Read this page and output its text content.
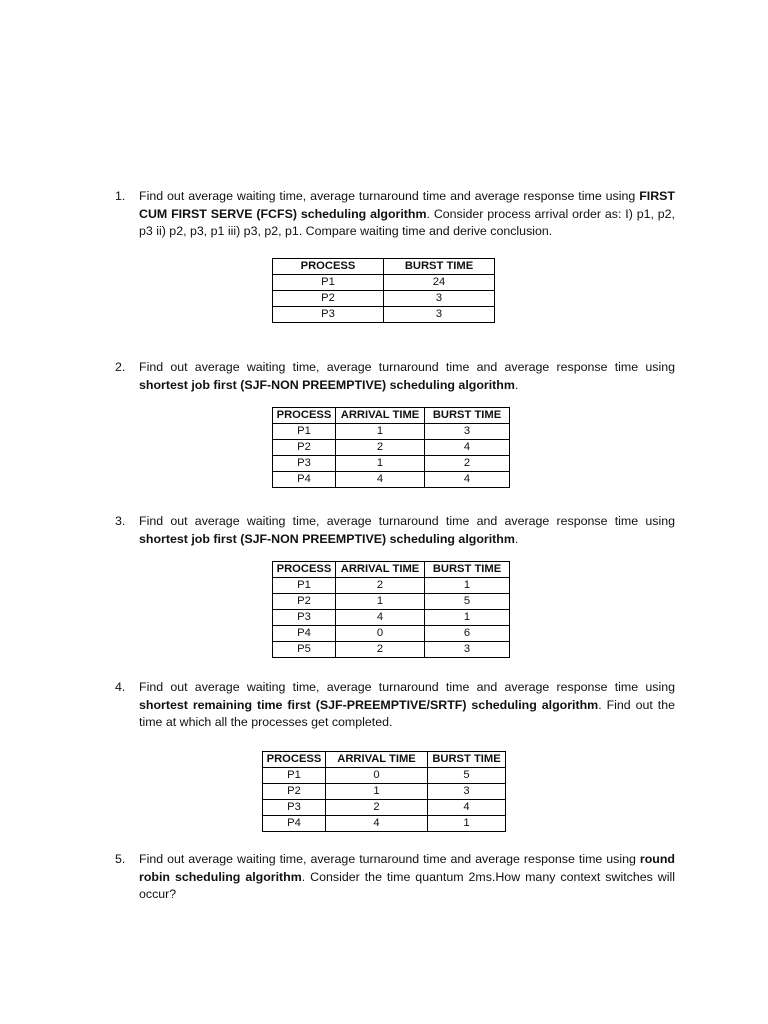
1.	Find out average waiting time, average turnaround time and average response time using FIRST CUM FIRST SERVE (FCFS) scheduling algorithm. Consider process arrival order as: I) p1, p2, p3 ii) p2, p3, p1 iii) p3, p2, p1. Compare waiting time and derive conclusion.
PROCESS	BURST TIME
P1	24
P2	3
P3	3
2.	Find out average waiting time, average turnaround time and average response time using shortest job first (SJF-NON PREEMPTIVE) scheduling algorithm.
PROCESS	ARRIVAL TIME	BURST TIME
P1	1	3
P2	2	4
P3	1	2
P4	4	4
3.	Find out average waiting time, average turnaround time and average response time using shortest job first (SJF-NON PREEMPTIVE) scheduling algorithm.
PROCESS	ARRIVAL TIME	BURST TIME
P1	2	1
P2	1	5
P3	4	1
P4	0	6
P5	2	3
4.	Find out average waiting time, average turnaround time and average response time using shortest remaining time first (SJF-PREEMPTIVE/SRTF) scheduling algorithm. Find out the time at which all the processes get completed.
PROCESS	ARRIVAL TIME	BURST TIME
P1	0	5
P2	1	3
P3	2	4
P4	4	1
5.	Find out average waiting time, average turnaround time and average response time using round robin scheduling algorithm. Consider the time quantum 2ms.How many context switches will occur?
